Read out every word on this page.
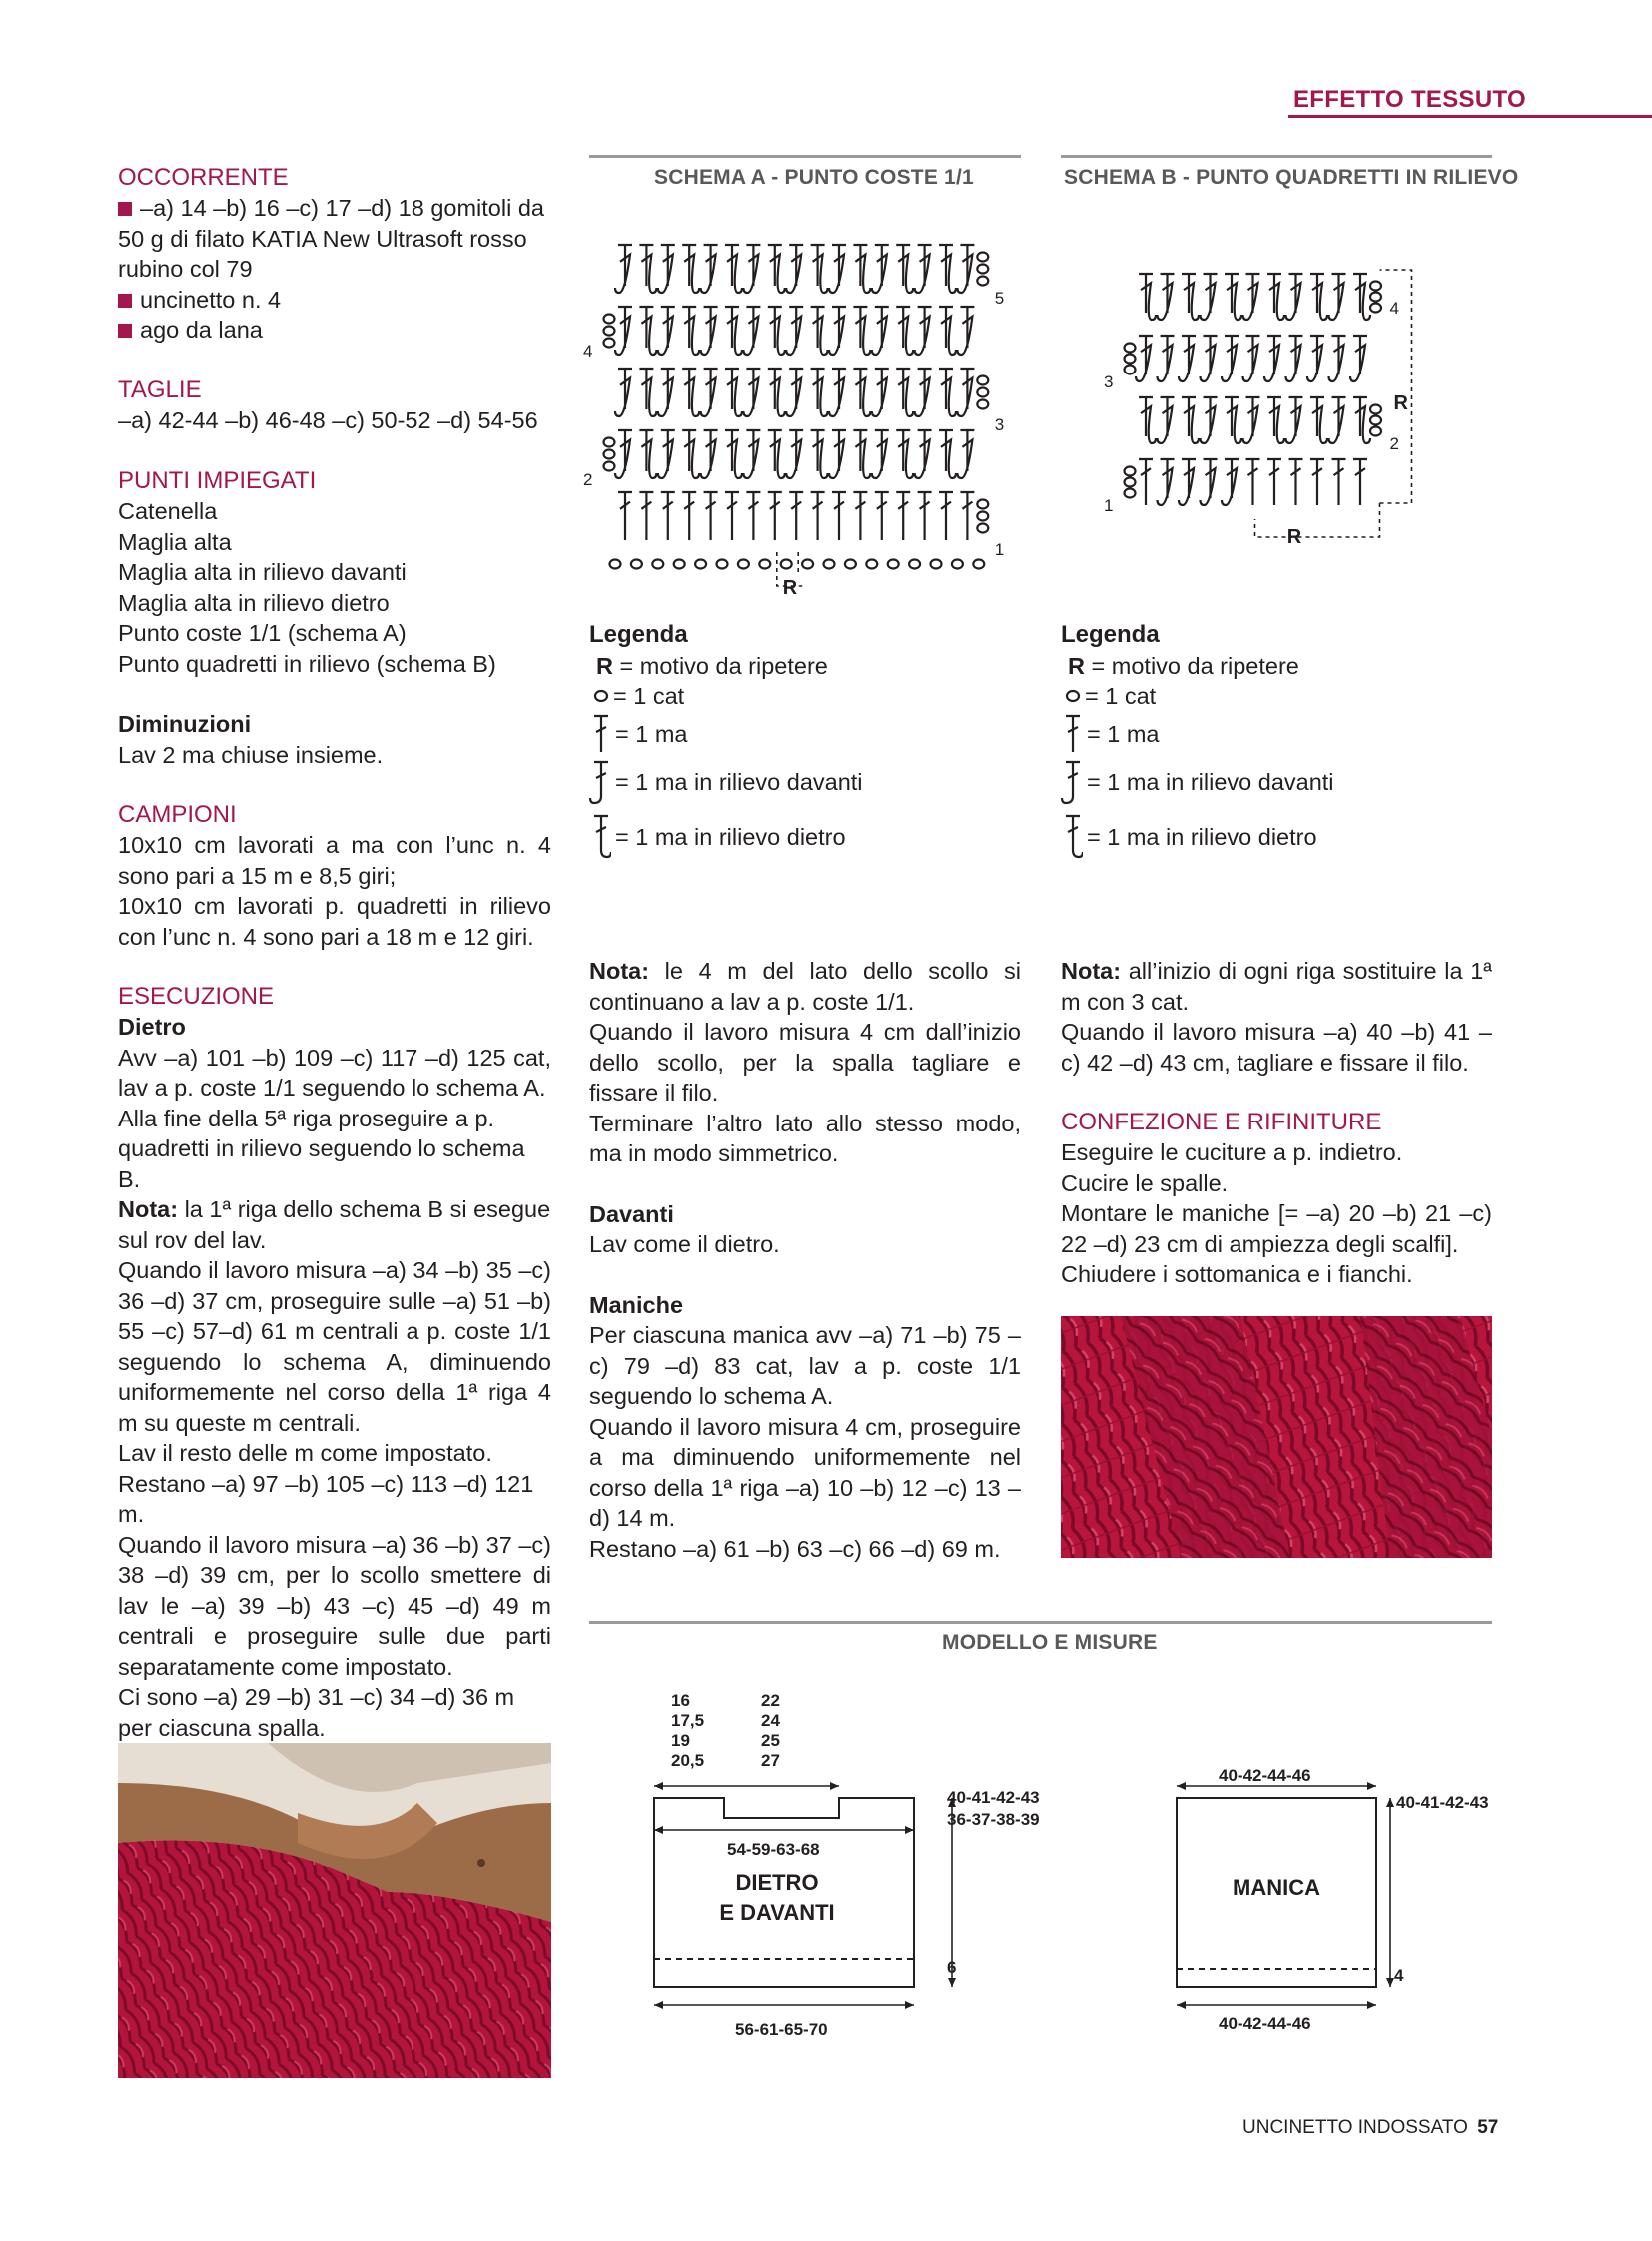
EFFETTO TESSUTO
OCCORRENTE

–a) 14 –b) 16 –c) 17 –d) 18 gomitoli da 50 g di filato KATIA New Ultrasoft rosso rubino col 79

uncinetto n. 4

ago da lana

TAGLIE

–a) 42-44 –b) 46-48 –c) 50-52 –d) 54-56

PUNTI IMPIEGATI

Catenella

Maglia alta

Maglia alta in rilievo davanti

Maglia alta in rilievo dietro

Punto coste 1/1 (schema A)

Punto quadretti in rilievo (schema B)

Diminuzioni

Lav 2 ma chiuse insieme.

CAMPIONI

10x10 cm lavorati a ma con l’unc n. 4 sono pari a 15 m e 8,5 giri;

10x10 cm lavorati p. quadretti in rilievo con l’unc n. 4 sono pari a 18 m e 12 giri.

ESECUZIONE

Dietro

Avv –a) 101 –b) 109 –c) 117 –d) 125 cat, lav a p. coste 1/1 seguendo lo schema A.

Alla fine della 5ª riga proseguire a p. quadretti in rilievo seguendo lo schema B.

Nota: la 1ª riga dello schema B si esegue sul rov del lav.

Quando il lavoro misura –a) 34 –b) 35 –c) 36 –d) 37 cm, proseguire sulle –a) 51 –b) 55 –c) 57–d) 61 m centrali a p. coste 1/1 seguendo lo schema A, diminuendo uniformemente nel corso della 1ª riga 4 m su queste m centrali.

Lav il resto delle m come impostato.

Restano –a) 97 –b) 105 –c) 113 –d) 121 m.

Quando il lavoro misura –a) 36 –b) 37 –c) 38 –d) 39 cm, per lo scollo smettere di lav le –a) 39 –b) 43 –c) 45 –d) 49 m centrali e proseguire sulle due parti separatamente come impostato.

Ci sono –a) 29 –b) 31 –c) 34 –d) 36 m per ciascuna spalla.

SCHEMA A - PUNTO COSTE 1/1
1
2
3
4
5
R
1
2
3
4
R
R
Legenda
R = motivo da ripetere
= 1 cat
= 1 ma
= 1 ma in rilievo davanti
= 1 ma in rilievo dietro
Legenda
R = motivo da ripetere
= 1 cat
= 1 ma
= 1 ma in rilievo davanti
= 1 ma in rilievo dietro
SCHEMA B - PUNTO QUADRETTI IN RILIEVO

Nota: le 4 m del lato dello scollo si continuano a lav a p. coste 1/1.

Quando il lavoro misura 4 cm dall’inizio dello scollo, per la spalla tagliare e fissare il filo.

Terminare l’altro lato allo stesso modo, ma in modo simmetrico.

Davanti

Lav come il dietro.

Maniche

Per ciascuna manica avv –a) 71 –b) 75 –c) 79 –d) 83 cat, lav a p. coste 1/1 seguendo lo schema A.

Quando il lavoro misura 4 cm, proseguire a ma diminuendo uniformemente nel corso della 1ª riga –a) 10 –b) 12 –c) 13 –d) 14 m.

Restano –a) 61 –b) 63 –c) 66 –d) 69 m.

Nota: all’inizio di ogni riga sostituire la 1ª m con 3 cat.

Quando il lavoro misura –a) 40 –b) 41 –c) 42 –d) 43 cm, tagliare e fissare il filo.

CONFEZIONE E RIFINITURE

Eseguire le cuciture a p. indietro.

Cucire le spalle.

Montare le maniche [= –a) 20 –b) 21 –c) 22 –d) 23 cm di ampiezza degli scalfi].

Chiudere i sottomanica e i fianchi.

MODELLO E MISURE
16
17,5
19
20,5
22
24
25
27
54-59-63-68
56-61-65-70
40-41-42-43
36-37-38-39
6
40-42-44-46
40-41-42-43
4
40-42-44-46
DIETRO
E DAVANTI
MANICA
UNCINETTO INDOSSATO 57
